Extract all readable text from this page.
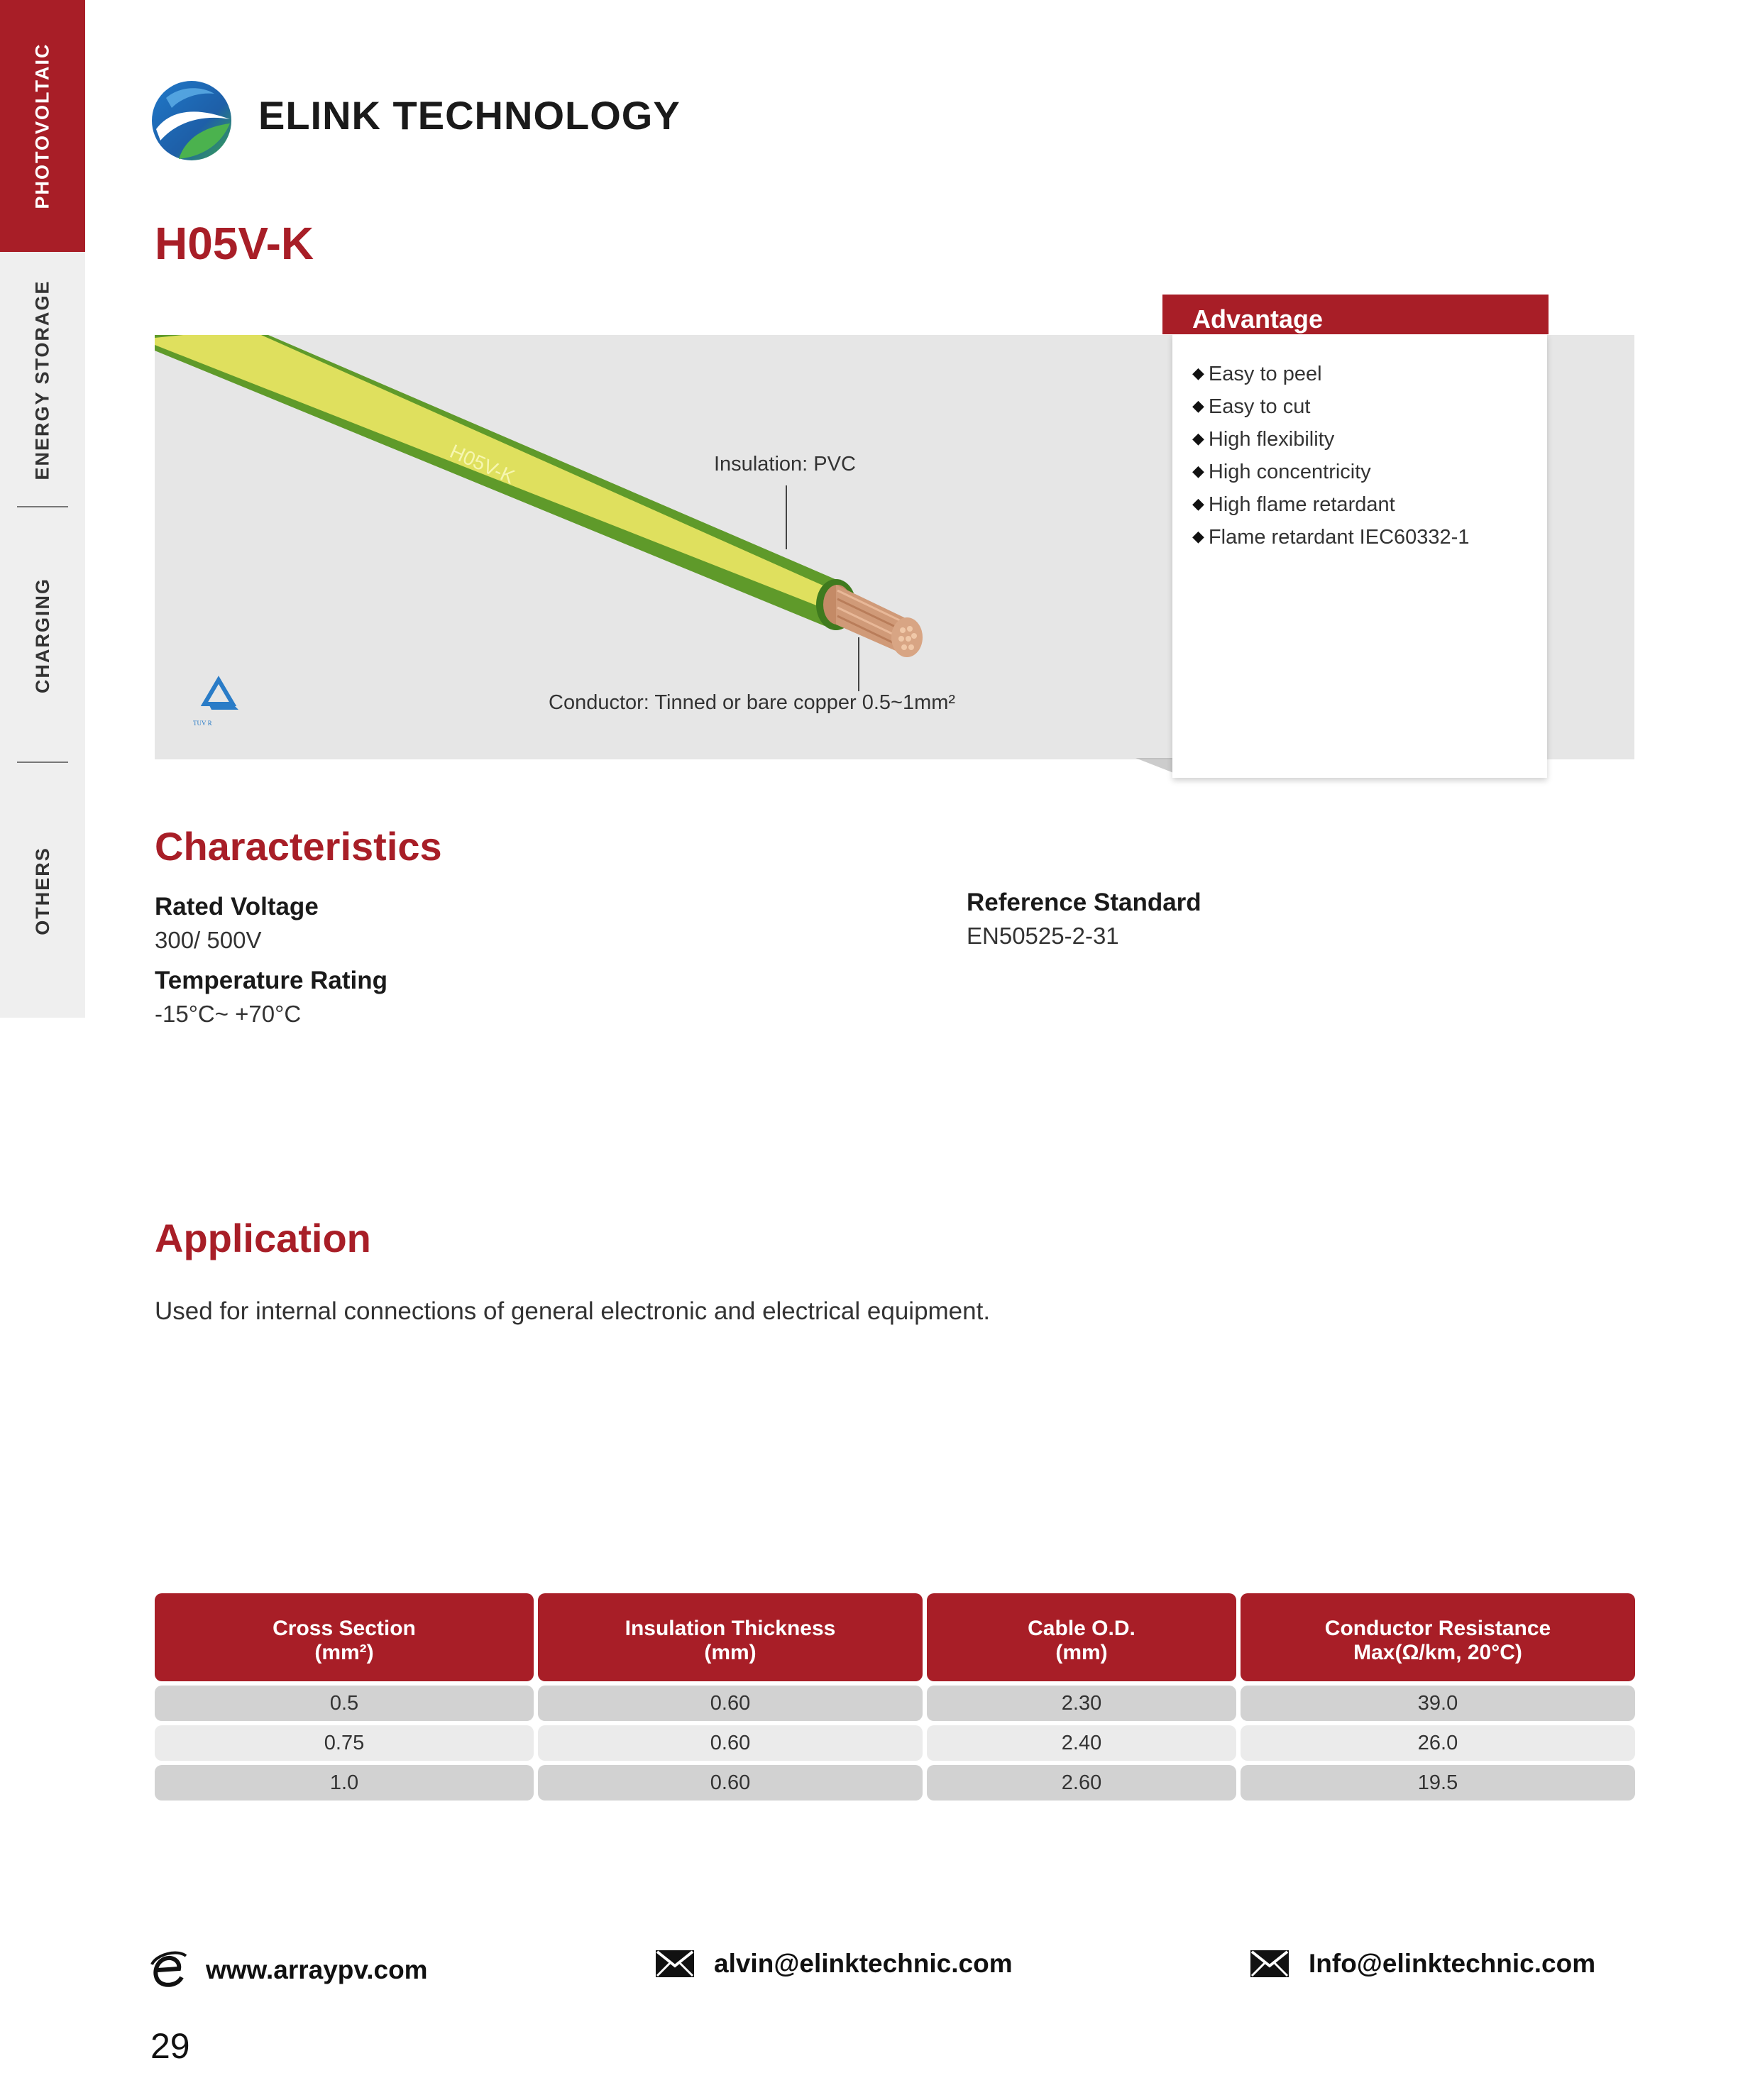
PHOTOVOLTAIC
ENERGY STORAGE
CHARGING
OTHERS
ELINK TECHNOLOGY
H05V-K
TUV R
H05V-K	Insulation: PVC
Conductor: Tinned or bare copper 0.5~1mm²
Advantage
◆ Easy to peel
◆ Easy to cut
◆ High flexibility
◆ High concentricity
◆ High flame retardant
◆ Flame retardant IEC60332-1
Characteristics
Rated Voltage
300/ 500V
Temperature Rating
-15°C~ +70°C
Reference Standard
EN50525-2-31
Application
Used for internal connections of general electronic and electrical equipment.
Cross Section
(mm²)
Insulation Thickness
(mm)
Cable O.D.
(mm)
Conductor Resistance
Max(Ω/km, 20°C)
0.5	0.60	2.30	39.0
0.75	0.60	2.40	26.0
1.0	0.60	2.60	19.5
www.arraypv.com	alvin@elinktechnic.com	Info@elinktechnic.com
29
